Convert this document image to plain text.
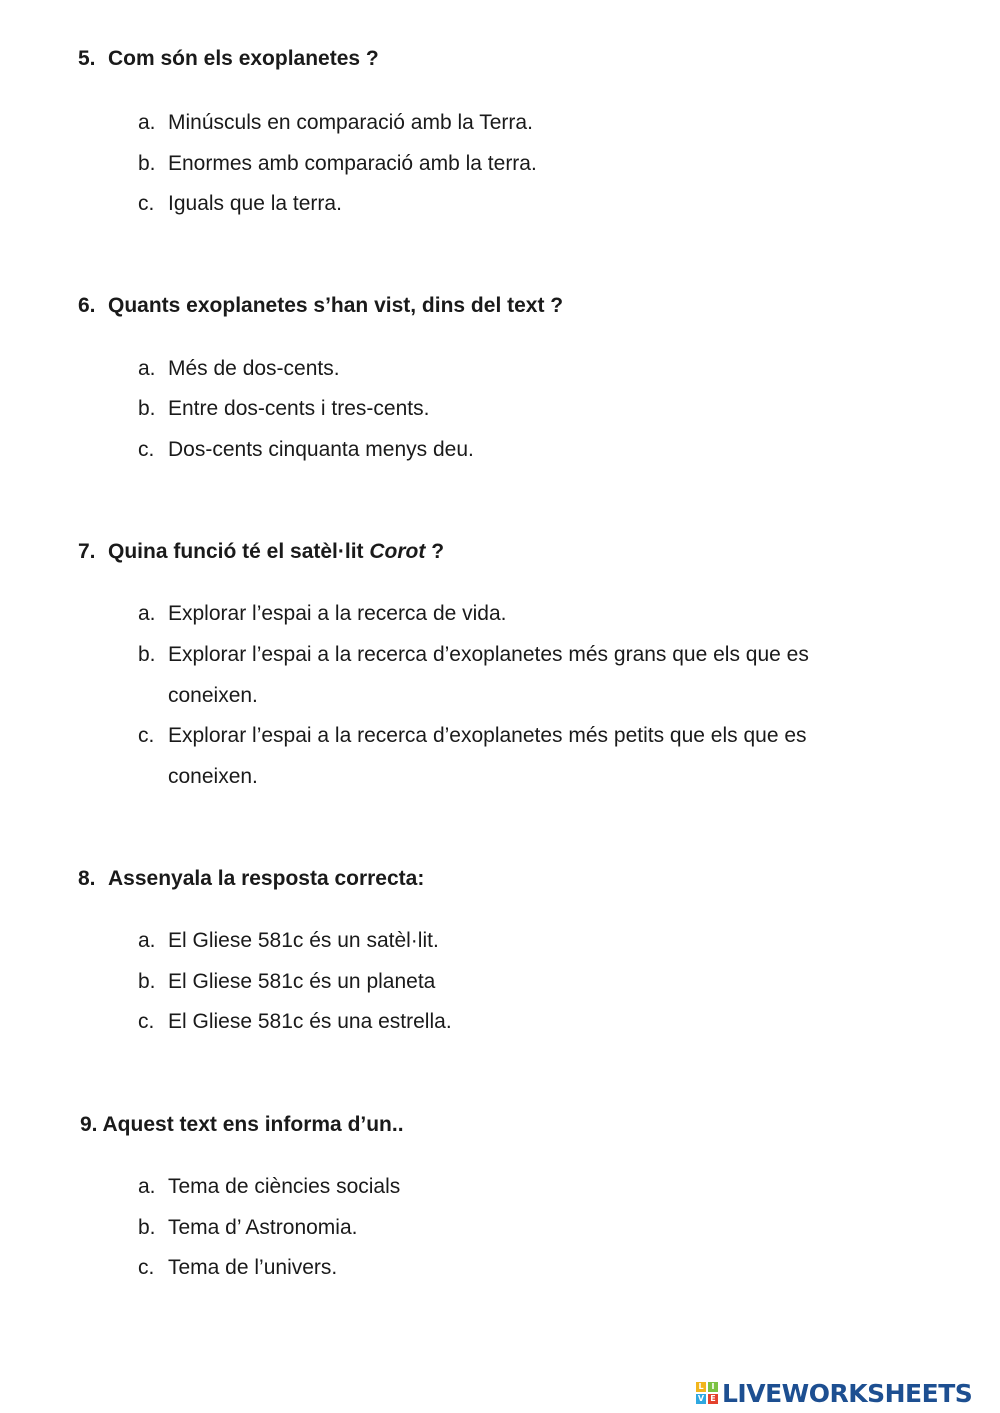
5. Com són els exoplanetes ?
a. Minúsculs en comparació amb la Terra.
b. Enormes amb comparació amb la terra.
c. Iguals que la terra.
6. Quants exoplanetes s’han vist, dins del text ?
a. Més de dos-cents.
b. Entre dos-cents i tres-cents.
c. Dos-cents cinquanta menys deu.
7. Quina funció té el satèl·lit Corot ?
a. Explorar l’espai a la recerca de vida.
b. Explorar l’espai a la recerca d’exoplanetes més grans que els que es
coneixen.
c. Explorar l’espai a la recerca d’exoplanetes més petits que els que es
coneixen.
8. Assenyala la resposta correcta:
a. El Gliese 581c és un satèl·lit.
b. El Gliese 581c és un planeta
c. El Gliese 581c és una estrella.
9. Aquest text ens informa d’un..
a. Tema de ciències socials
b. Tema d’ Astronomia.
c. Tema de l’univers.
L I
V E LIVEWORKSHEETS
